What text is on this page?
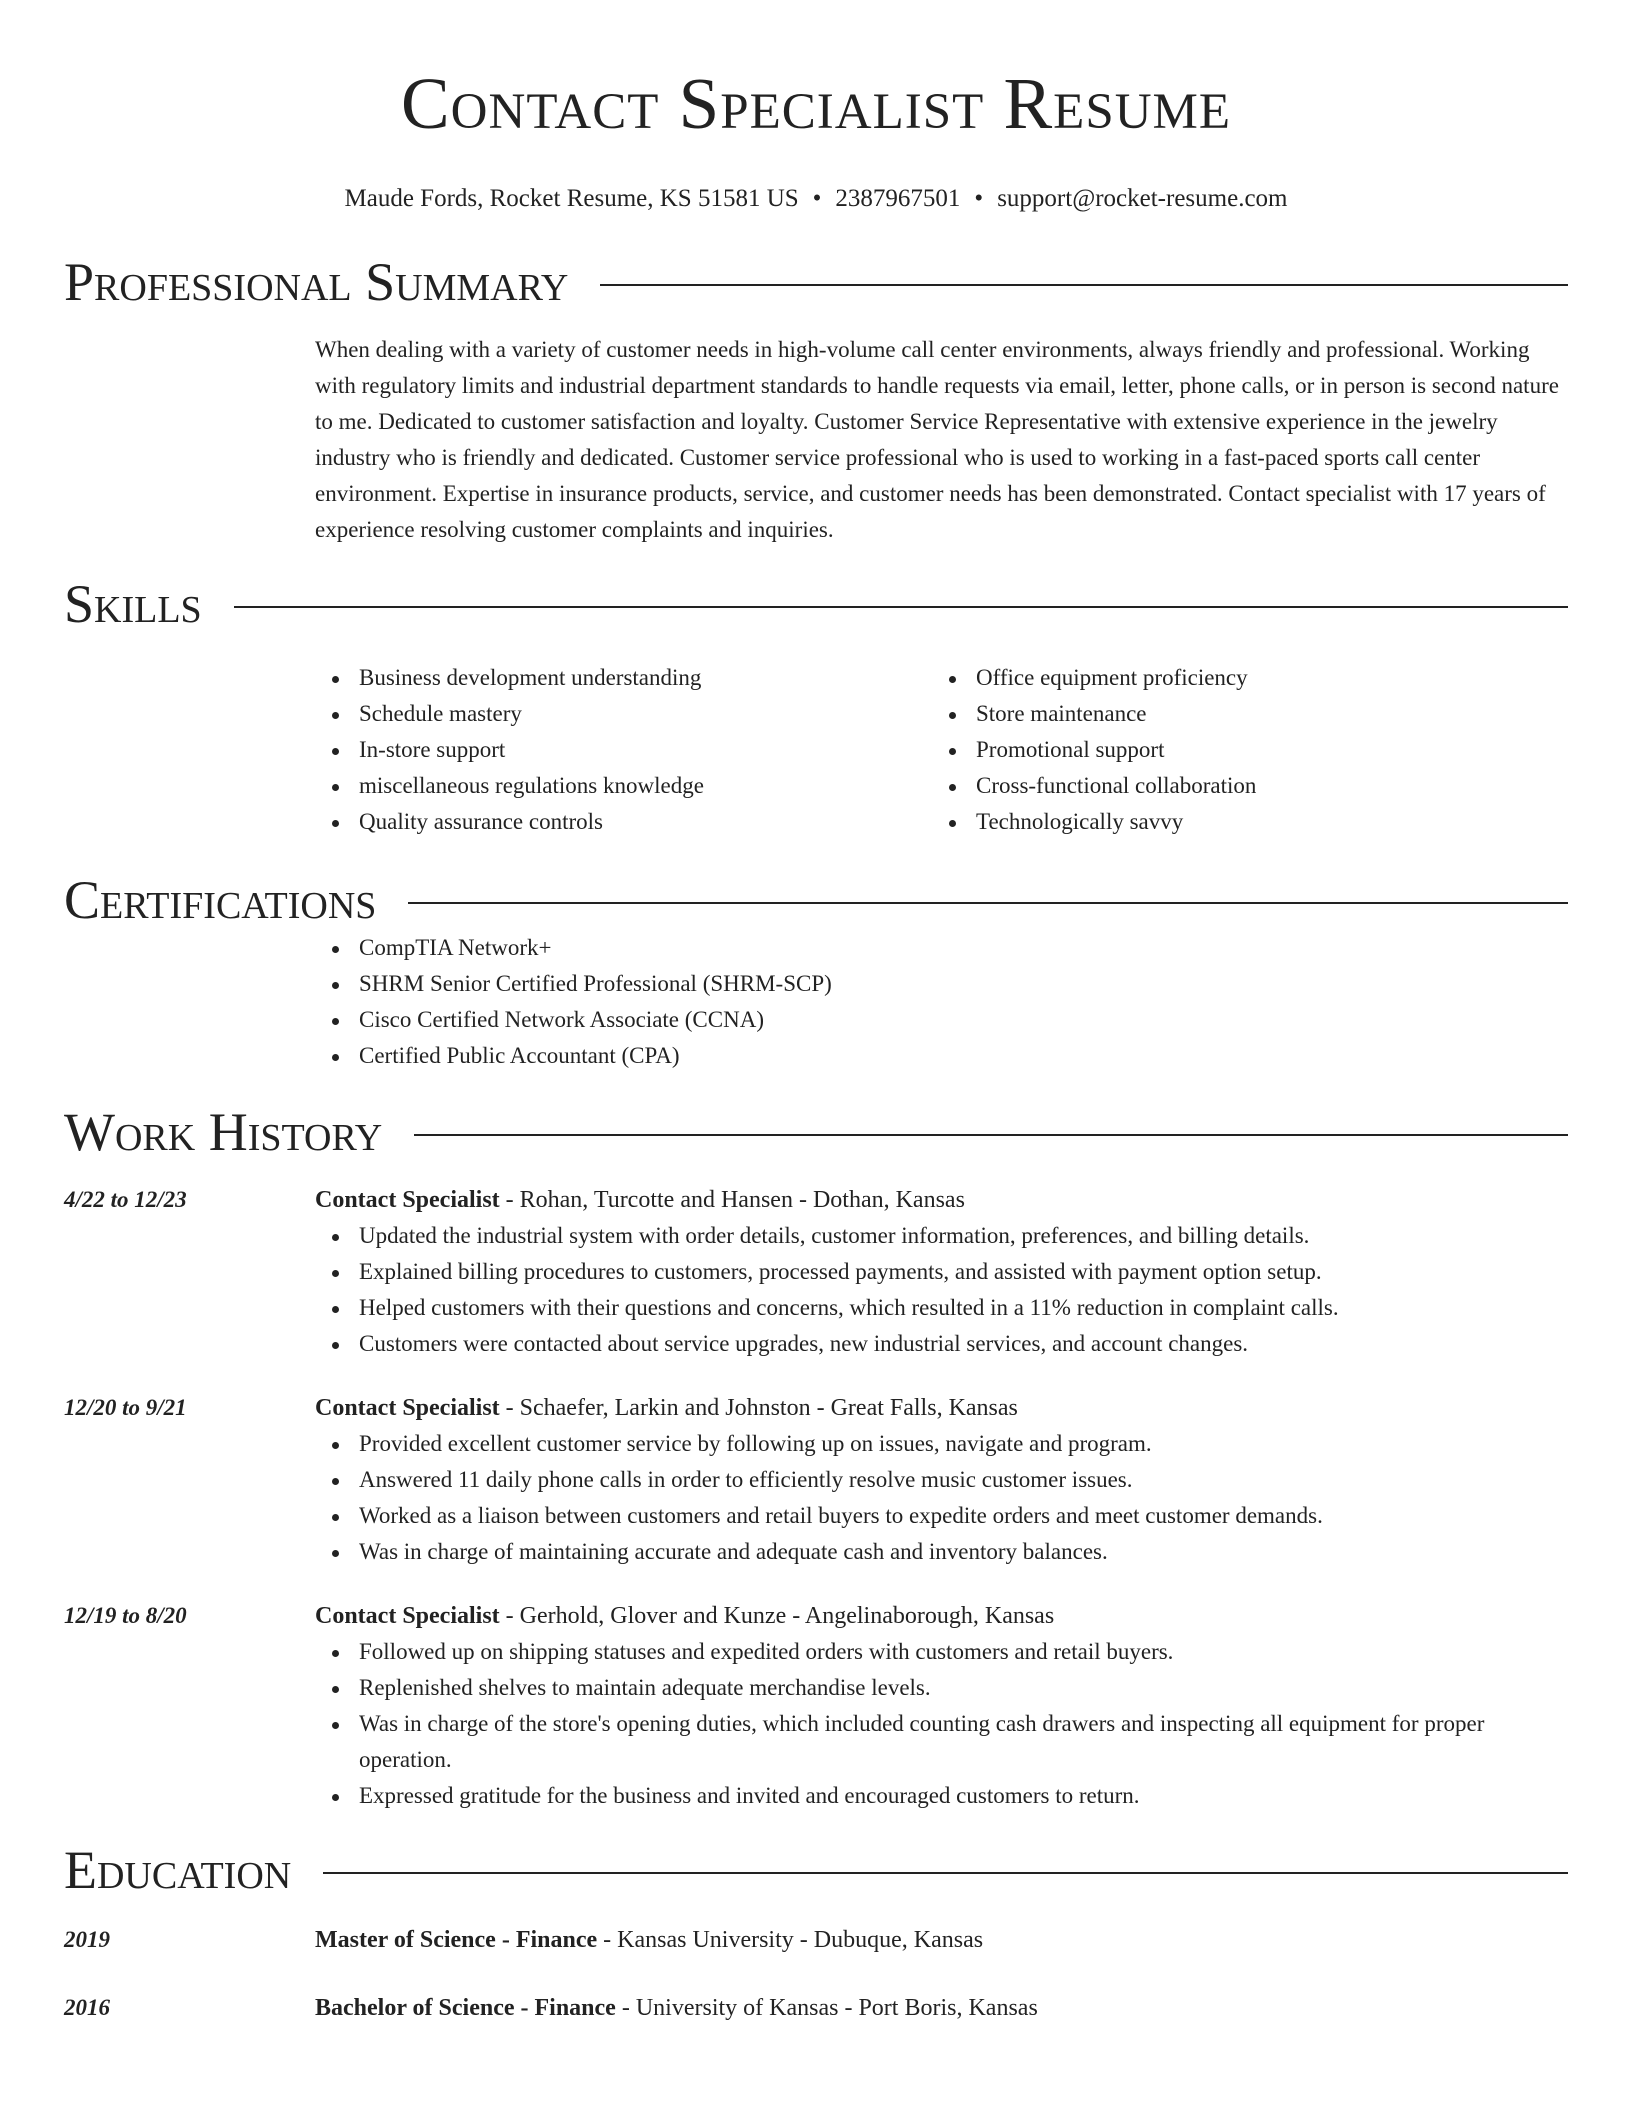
Contact Specialist Resume
Maude Fords, Rocket Resume, KS 51581 US • 2387967501 • support@rocket-resume.com
Professional Summary

When dealing with a variety of customer needs in high-volume call center environments, always friendly and professional. Working with regulatory limits and industrial department standards to handle requests via email, letter, phone calls, or in person is second nature to me. Dedicated to customer satisfaction and loyalty. Customer Service Representative with extensive experience in the jewelry industry who is friendly and dedicated. Customer service professional who is used to working in a fast-paced sports call center environment. Expertise in insurance products, service, and customer needs has been demonstrated. Contact specialist with 17 years of experience resolving customer complaints and inquiries.

Skills
Business development understanding
Schedule mastery
In-store support
miscellaneous regulations knowledge
Quality assurance controls
Office equipment proficiency
Store maintenance
Promotional support
Cross-functional collaboration
Technologically savvy
Certifications
CompTIA Network+
SHRM Senior Certified Professional (SHRM-SCP)
Cisco Certified Network Associate (CCNA)
Certified Public Accountant (CPA)
Work History
4/22 to 12/23	Contact Specialist - Rohan, Turcotte and Hansen - Dothan, Kansas
Updated the industrial system with order details, customer information, preferences, and billing details.
Explained billing procedures to customers, processed payments, and assisted with payment option setup.
Helped customers with their questions and concerns, which resulted in a 11% reduction in complaint calls.
Customers were contacted about service upgrades, new industrial services, and account changes.
12/20 to 9/21	Contact Specialist - Schaefer, Larkin and Johnston - Great Falls, Kansas
Provided excellent customer service by following up on issues, navigate and program.
Answered 11 daily phone calls in order to efficiently resolve music customer issues.
Worked as a liaison between customers and retail buyers to expedite orders and meet customer demands.
Was in charge of maintaining accurate and adequate cash and inventory balances.
12/19 to 8/20	Contact Specialist - Gerhold, Glover and Kunze - Angelinaborough, Kansas
Followed up on shipping statuses and expedited orders with customers and retail buyers.
Replenished shelves to maintain adequate merchandise levels.
Was in charge of the store's opening duties, which included counting cash drawers and inspecting all equipment for proper operation.
Expressed gratitude for the business and invited and encouraged customers to return.
Education
2019	Master of Science - Finance - Kansas University - Dubuque, Kansas
2016	Bachelor of Science - Finance - University of Kansas - Port Boris, Kansas
